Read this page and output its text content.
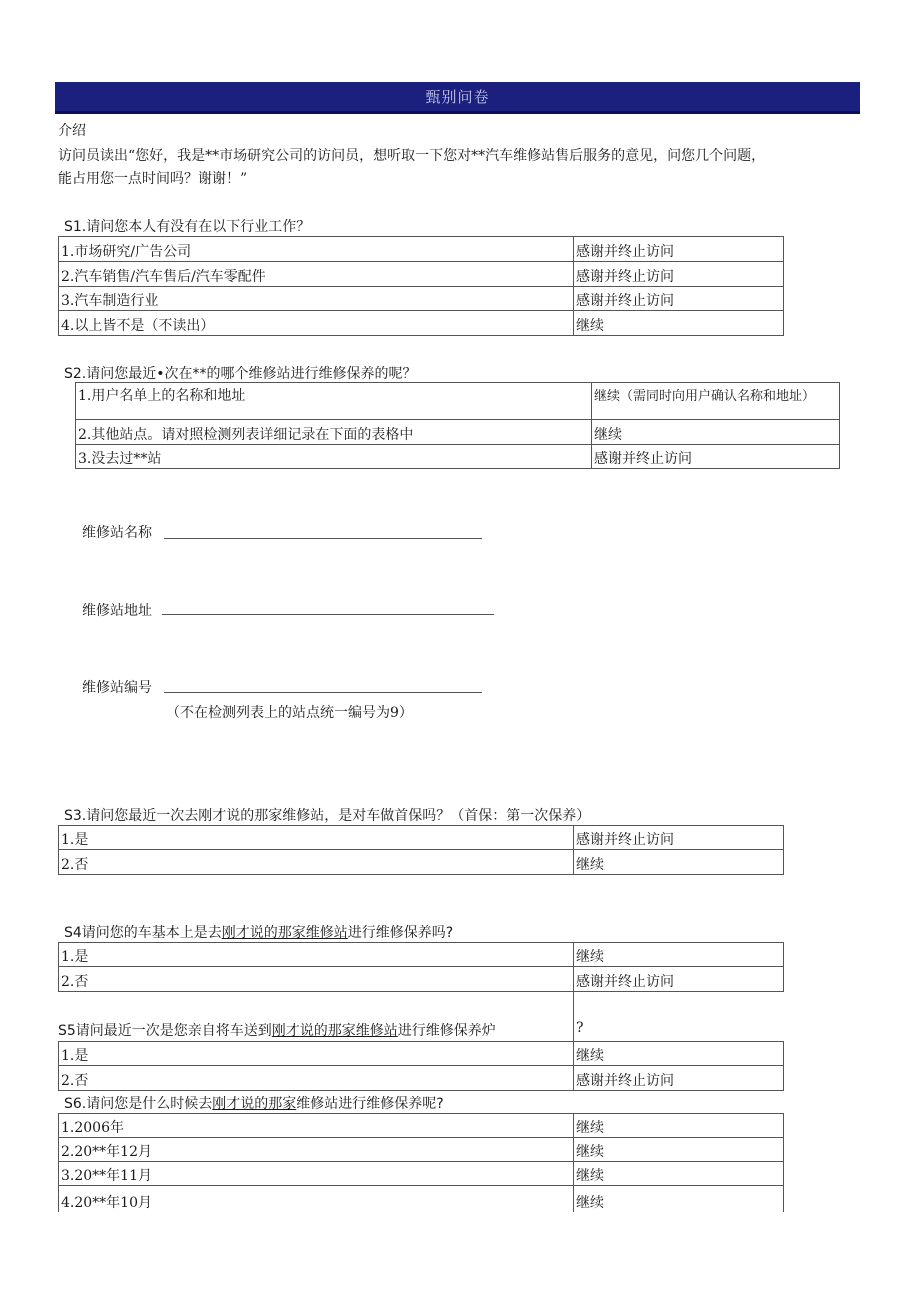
甄别问卷
介绍
访问员读出“您好，我是**市场研究公司的访问员，想听取一下您对**汽车维修站售后服务的意见，问您几个问题，
能占用您一点时间吗？谢谢！”
S1.请问您本人有没有在以下行业工作？
1.市场研究/广告公司	感谢并终止访问
2.汽车销售/汽车售后/汽车零配件	感谢并终止访问
3.汽车制造行业	感谢并终止访问
4.以上皆不是（不读出）	继续
S2.请问您最近•次在**的哪个维修站进行维修保养的呢？
1.用户名单上的名称和地址	继续（需同时向用户确认名称和地址）
2.其他站点。请对照检测列表详细记录在下面的表格中	继续
3.没去过**站	感谢并终止访问
维修站名称
维修站地址
维修站编号
（不在检测列表上的站点统一编号为9）
S3.请问您最近一次去刚才说的那家维修站，是对车做首保吗？（首保：第一次保养）
1.是	感谢并终止访问
2.否	继续
S4请问您的车基本上是去刚才说的那家维修站进行维修保养吗?
1.是	继续
2.否	感谢并终止访问
S5请问最近一次是您亲自将车送到刚才说的那家维修站进行维修保养炉	?
1.是	继续
2.否	感谢并终止访问
S6.请问您是什么时候去刚才说的那家维修站进行维修保养呢?
1.2006年	继续
2.20**年12月	继续
3.20**年11月	继续
4.20**年10月	继续
